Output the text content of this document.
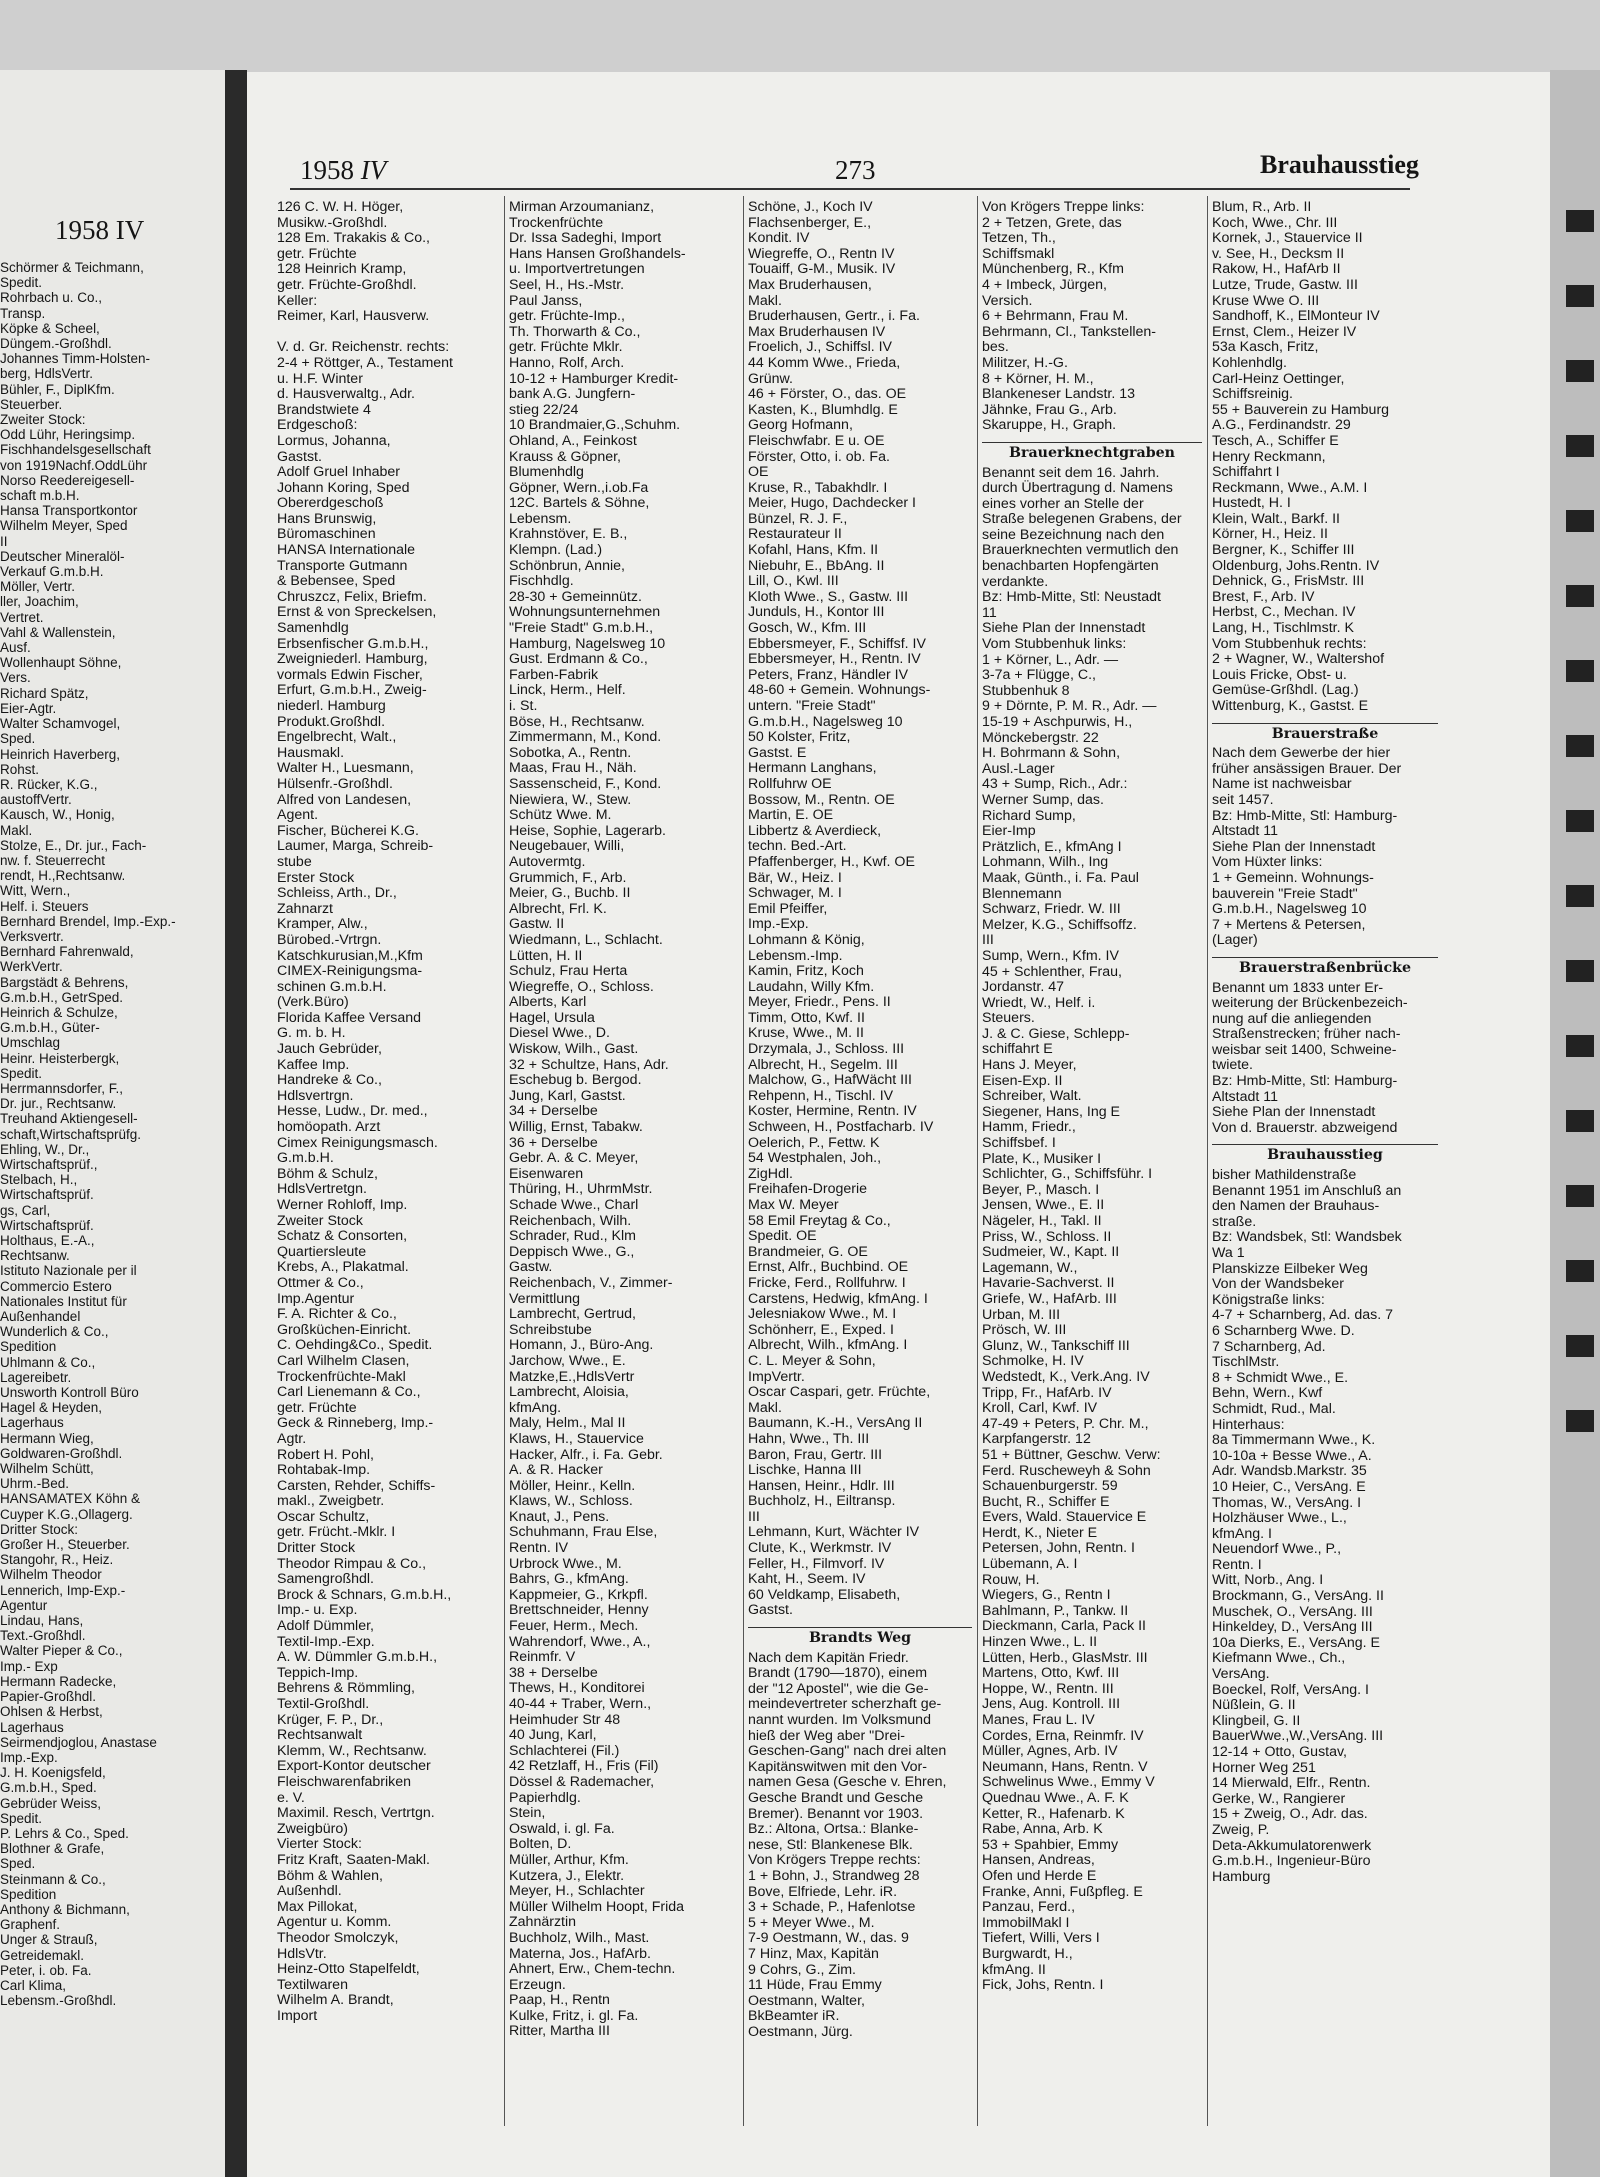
1958 IV
Schörmer & Teichmann,
Spedit.
Rohrbach u. Co.,
Transp.
Köpke & Scheel,
Düngem.-Großhdl.
Johannes Timm-Holsten-
berg, HdlsVertr.
Bühler, F., DiplKfm.
Steuerber.
Zweiter Stock:
Odd Lühr, Heringsimp.
Fischhandelsgesellschaft
von 1919Nachf.OddLühr
Norso Reedereigesell-
schaft m.b.H.
Hansa Transportkontor
Wilhelm Meyer, Sped
II
Deutscher Mineralöl-
Verkauf G.m.b.H.
Möller, Vertr.
ller, Joachim,
Vertret.
Vahl & Wallenstein,
Ausf.
Wollenhaupt Söhne,
Vers.
Richard Spätz,
Eier-Agtr.
Walter Schamvogel,
Sped.
Heinrich Haverberg,
Rohst.
R. Rücker, K.G.,
austoffVertr.
Kausch, W., Honig,
Makl.
Stolze, E., Dr. jur., Fach-
nw. f. Steuerrecht
rendt, H.,Rechtsanw.
Witt, Wern.,
Helf. i. Steuers
Bernhard Brendel, Imp.-Exp.-
Verksvertr.
Bernhard Fahrenwald,
WerkVertr.
Bargstädt & Behrens,
G.m.b.H., GetrSped.
Heinrich & Schulze,
G.m.b.H., Güter-
Umschlag
Heinr. Heisterbergk,
Spedit.
Herrmannsdorfer, F.,
Dr. jur., Rechtsanw.
Treuhand Aktiengesell-
schaft,Wirtschaftsprüfg.
Ehling, W., Dr.,
Wirtschaftsprüf.,
Stelbach, H.,
Wirtschaftsprüf.
gs, Carl,
Wirtschaftsprüf.
Holthaus, E.-A.,
Rechtsanw.
Istituto Nazionale per il
Commercio Estero
Nationales Institut für
Außenhandel
Wunderlich & Co.,
Spedition
Uhlmann & Co.,
Lagereibetr.
Unsworth Kontroll Büro
Hagel & Heyden,
Lagerhaus
Hermann Wieg,
Goldwaren-Großhdl.
Wilhelm Schütt,
Uhrm.-Bed.
HANSAMATEX Köhn &
Cuyper K.G.,Ollagerg.
Dritter Stock:
Großer H., Steuerber.
Stangohr, R., Heiz.
Wilhelm Theodor
Lennerich, Imp-Exp.-
Agentur
Lindau, Hans,
Text.-Großhdl.
Walter Pieper & Co.,
Imp.- Exp
Hermann Radecke,
Papier-Großhdl.
Ohlsen & Herbst,
Lagerhaus
Seirmendjoglou, Anastase
Imp.-Exp.
J. H. Koenigsfeld,
G.m.b.H., Sped.
Gebrüder Weiss,
Spedit.
P. Lehrs & Co., Sped.
Blothner & Grafe,
Sped.
Steinmann & Co.,
Spedition
Anthony & Bichmann,
Graphenf.
Unger & Strauß,
Getreidemakl.
Peter, i. ob. Fa.
Carl Klima,
Lebensm.-Großhdl.
1958 IV	273	Brauhausstieg
126 C. W. H. Höger,
Musikw.-Großhdl.
128 Em. Trakakis & Co.,
getr. Früchte
128 Heinrich Kramp,
getr. Früchte-Großhdl.
Keller:
Reimer, Karl, Hausverw.

V. d. Gr. Reichenstr. rechts:
2-4 + Röttger, A., Testament
u. H.F. Winter
d. Hausverwaltg., Adr.
Brandstwiete 4
Erdgeschoß:
Lormus, Johanna,
Gastst.
Adolf Gruel Inhaber
Johann Koring, Sped
Obererdgeschoß
Hans Brunswig,
Büromaschinen
HANSA Internationale
Transporte Gutmann
& Bebensee, Sped
Chruszcz, Felix, Briefm.
Ernst & von Spreckelsen,
Samenhdlg
Erbsenfischer G.m.b.H.,
Zweigniederl. Hamburg,
vormals Edwin Fischer,
Erfurt, G.m.b.H., Zweig-
niederl. Hamburg
Produkt.Großhdl.
Engelbrecht, Walt.,
Hausmakl.
Walter H., Luesmann,
Hülsenfr.-Großhdl.
Alfred von Landesen,
Agent.
Fischer, Bücherei K.G.
Laumer, Marga, Schreib-
stube
Erster Stock
Schleiss, Arth., Dr.,
Zahnarzt
Kramper, Alw.,
Bürobed.-Vrtrgn.
Katschkurusian,M.,Kfm
CIMEX-Reinigungsma-
schinen G.m.b.H.
(Verk.Büro)
Florida Kaffee Versand
G. m. b. H.
Jauch Gebrüder,
Kaffee Imp.
Handreke & Co.,
Hdlsvertrgn.
Hesse, Ludw., Dr. med.,
homöopath. Arzt
Cimex Reinigungsmasch.
G.m.b.H.
Böhm & Schulz,
HdlsVertretgn.
Werner Rohloff, Imp.
Zweiter Stock
Schatz & Consorten,
Quartiersleute
Krebs, A., Plakatmal.
Ottmer & Co.,
Imp.Agentur
F. A. Richter & Co.,
Großküchen-Einricht.
C. Oehding&Co., Spedit.
Carl Wilhelm Clasen,
Trockenfrüchte-Makl
Carl Lienemann & Co.,
getr. Früchte
Geck & Rinneberg, Imp.-
Agtr.
Robert H. Pohl,
Rohtabak-Imp.
Carsten, Rehder, Schiffs-
makl., Zweigbetr.
Oscar Schultz,
getr. Frücht.-Mklr. I
Dritter Stock
Theodor Rimpau & Co.,
Samengroßhdl.
Brock & Schnars, G.m.b.H.,
Imp.- u. Exp.
Adolf Dümmler,
Textil-Imp.-Exp.
A. W. Dümmler G.m.b.H.,
Teppich-Imp.
Behrens & Römmling,
Textil-Großhdl.
Krüger, F. P., Dr.,
Rechtsanwalt
Klemm, W., Rechtsanw.
Export-Kontor deutscher
Fleischwarenfabriken
e. V.
Maximil. Resch, Vertrtgn.
Zweigbüro)
Vierter Stock:
Fritz Kraft, Saaten-Makl.
Böhm & Wahlen,
Außenhdl.
Max Pillokat,
Agentur u. Komm.
Theodor Smolczyk,
HdlsVtr.
Heinz-Otto Stapelfeldt,
Textilwaren
Wilhelm A. Brandt,
Import
Mirman Arzoumanianz,
Trockenfrüchte
Dr. Issa Sadeghi, Import
Hans Hansen Großhandels-
u. Importvertretungen
Seel, H., Hs.-Mstr.
Paul Janss,
getr. Früchte-Imp.,
Th. Thorwarth & Co.,
getr. Früchte Mklr.
Hanno, Rolf, Arch.
10-12 + Hamburger Kredit-
bank A.G. Jungfern-
stieg 22/24
10 Brandmaier,G.,Schuhm.
Ohland, A., Feinkost
Krauss & Göpner,
Blumenhdlg
Göpner, Wern.,i.ob.Fa
12C. Bartels & Söhne,
Lebensm.
Krahnstöver, E. B.,
Klempn. (Lad.)
Schönbrun, Annie,
Fischhdlg.
28-30 + Gemeinnütz.
Wohnungsunternehmen
"Freie Stadt" G.m.b.H.,
Hamburg, Nagelsweg 10
Gust. Erdmann & Co.,
Farben-Fabrik
Linck, Herm., Helf.
i. St.
Böse, H., Rechtsanw.
Zimmermann, M., Kond.
Sobotka, A., Rentn.
Maas, Frau H., Näh.
Sassenscheid, F., Kond.
Niewiera, W., Stew.
Schütz Wwe. M.
Heise, Sophie, Lagerarb.
Neugebauer, Willi,
Autovermtg.
Grummich, F., Arb.
Meier, G., Buchb. II
Albrecht, Frl. K.
Gastw. II
Wiedmann, L., Schlacht.
Lütten, H. II
Schulz, Frau Herta
Wiegreffe, O., Schloss.
Alberts, Karl
Hagel, Ursula
Diesel Wwe., D.
Wiskow, Wilh., Gast.
32 + Schultze, Hans, Adr.
Eschebug b. Bergod.
Jung, Karl, Gastst.
34 + Derselbe
Willig, Ernst, Tabakw.
36 + Derselbe
Gebr. A. & C. Meyer,
Eisenwaren
Thüring, H., UhrmMstr.
Schade Wwe., Charl
Reichenbach, Wilh.
Schrader, Rud., Klm
Deppisch Wwe., G.,
Gastw.
Reichenbach, V., Zimmer-
Vermittlung
Lambrecht, Gertrud,
Schreibstube
Homann, J., Büro-Ang.
Jarchow, Wwe., E.
Matzke,E.,HdlsVertr
Lambrecht, Aloisia,
kfmAng.
Maly, Helm., Mal II
Klaws, H., Stauervice
Hacker, Alfr., i. Fa. Gebr.
A. & R. Hacker
Möller, Heinr., Kelln.
Klaws, W., Schloss.
Knaut, J., Pens.
Schuhmann, Frau Else,
Rentn. IV
Urbrock Wwe., M.
Bahrs, G., kfmAng.
Kappmeier, G., Krkpfl.
Brettschneider, Henny
Feuer, Herm., Mech.
Wahrendorf, Wwe., A.,
Reinmfr. V
38 + Derselbe
Thews, H., Konditorei
40-44 + Traber, Wern.,
Heimhuder Str 48
40 Jung, Karl,
Schlachterei (Fil.)
42 Retzlaff, H., Fris (Fil)
Dössel & Rademacher,
Papierhdlg.
Stein,
Oswald, i. gl. Fa.
Bolten, D.
Müller, Arthur, Kfm.
Kutzera, J., Elektr.
Meyer, H., Schlachter
Müller Wilhelm Hoopt, Frida
Zahnärztin
Buchholz, Wilh., Mast.
Materna, Jos., HafArb.
Ahnert, Erw., Chem-techn.
Erzeugn.
Paap, H., Rentn
Kulke, Fritz, i. gl. Fa.
Ritter, Martha III
Schöne, J., Koch IV
Flachsenberger, E.,
Kondit. IV
Wiegreffe, O., Rentn IV
Touaiff, G-M., Musik. IV
Max Bruderhausen,
Makl.
Bruderhausen, Gertr., i. Fa.
Max Bruderhausen IV
Froelich, J., Schiffsl. IV
44 Komm Wwe., Frieda,
Grünw.
46 + Förster, O., das. OE
Kasten, K., Blumhdlg. E
Georg Hofmann,
Fleischwfabr. E u. OE
Förster, Otto, i. ob. Fa.
OE
Kruse, R., Tabakhdlr. I
Meier, Hugo, Dachdecker I
Bünzel, R. J. F.,
Restaurateur II
Kofahl, Hans, Kfm. II
Niebuhr, E., BbAng. II
Lill, O., Kwl. III
Kloth Wwe., S., Gastw. III
Junduls, H., Kontor III
Gosch, W., Kfm. III
Ebbersmeyer, F., Schiffsf. IV
Ebbersmeyer, H., Rentn. IV
Peters, Franz, Händler IV
48-60 + Gemein. Wohnungs-
untern. "Freie Stadt"
G.m.b.H., Nagelsweg 10
50 Kolster, Fritz,
Gastst. E
Hermann Langhans,
Rollfuhrw OE
Bossow, M., Rentn. OE
Martin, E. OE
Libbertz & Averdieck,
techn. Bed.-Art.
Pfaffenberger, H., Kwf. OE
Bär, W., Heiz. I
Schwager, M. I
Emil Pfeiffer,
Imp.-Exp.
Lohmann & König,
Lebensm.-Imp.
Kamin, Fritz, Koch
Laudahn, Willy Kfm.
Meyer, Friedr., Pens. II
Timm, Otto, Kwf. II
Kruse, Wwe., M. II
Drzymala, J., Schloss. III
Albrecht, H., Segelm. III
Malchow, G., HafWächt III
Rehpenn, H., Tischl. IV
Koster, Hermine, Rentn. IV
Schween, H., Postfacharb. IV
Oelerich, P., Fettw. K
54 Westphalen, Joh.,
ZigHdl.
Freihafen-Drogerie
Max W. Meyer
58 Emil Freytag & Co.,
Spedit. OE
Brandmeier, G. OE
Ernst, Alfr., Buchbind. OE
Fricke, Ferd., Rollfuhrw. I
Carstens, Hedwig, kfmAng. I
Jelesniakow Wwe., M. I
Schönherr, E., Exped. I
Albrecht, Wilh., kfmAng. I
C. L. Meyer & Sohn,
ImpVertr.
Oscar Caspari, getr. Früchte,
Makl.
Baumann, K.-H., VersAng II
Hahn, Wwe., Th. III
Baron, Frau, Gertr. III
Lischke, Hanna III
Hansen, Heinr., Hdlr. III
Buchholz, H., Eiltransp.
III
Lehmann, Kurt, Wächter IV
Clute, K., Werkmstr. IV
Feller, H., Filmvorf. IV
Kaht, H., Seem. IV
60 Veldkamp, Elisabeth,
Gastst.
Brandts Weg
Nach dem Kapitän Friedr.
Brandt (1790—1870), einem
der "12 Apostel", wie die Ge-
meindevertreter scherzhaft ge-
nannt wurden. Im Volksmund
hieß der Weg aber "Drei-
Geschen-Gang" nach drei alten
Kapitänswitwen mit den Vor-
namen Gesa (Gesche v. Ehren,
Gesche Brandt und Gesche
Bremer). Benannt vor 1903.
Bz.: Altona, Ortsa.: Blanke-
nese, Stl: Blankenese Blk.
Von Krögers Treppe rechts:
1 + Bohn, J., Strandweg 28
Bove, Elfriede, Lehr. iR.
3 + Schade, P., Hafenlotse
5 + Meyer Wwe., M.
7-9 Oestmann, W., das. 9
7 Hinz, Max, Kapitän
9 Cohrs, G., Zim.
11 Hüde, Frau Emmy
Oestmann, Walter,
BkBeamter iR.
Oestmann, Jürg.
Von Krögers Treppe links:
2 + Tetzen, Grete, das
Tetzen, Th.,
Schiffsmakl
Münchenberg, R., Kfm
4 + Imbeck, Jürgen,
Versich.
6 + Behrmann, Frau M.
Behrmann, Cl., Tankstellen-
bes.
Militzer, H.-G.
8 + Körner, H. M.,
Blankeneser Landstr. 13
Jähnke, Frau G., Arb.
Skaruppe, H., Graph.
Brauerknechtgraben
Benannt seit dem 16. Jahrh.
durch Übertragung d. Namens
eines vorher an Stelle der
Straße belegenen Grabens, der
seine Bezeichnung nach den
Brauerknechten vermutlich den
benachbarten Hopfengärten
verdankte.
Bz: Hmb-Mitte, Stl: Neustadt
11
Siehe Plan der Innenstadt
Vom Stubbenhuk links:
1 + Körner, L., Adr. —
3-7a + Flügge, C.,
Stubbenhuk 8
9 + Dörnte, P. M. R., Adr. —
15-19 + Aschpurwis, H.,
Mönckebergstr. 22
H. Bohrmann & Sohn,
Ausl.-Lager
43 + Sump, Rich., Adr.:
Werner Sump, das.
Richard Sump,
Eier-Imp
Prätzlich, E., kfmAng I
Lohmann, Wilh., Ing
Maak, Günth., i. Fa. Paul
Blennemann
Schwarz, Friedr. W. III
Melzer, K.G., Schiffsoffz.
III
Sump, Wern., Kfm. IV
45 + Schlenther, Frau,
Jordanstr. 47
Wriedt, W., Helf. i.
Steuers.
J. & C. Giese, Schlepp-
schiffahrt E
Hans J. Meyer,
Eisen-Exp. II
Schreiber, Walt.
Siegener, Hans, Ing E
Hamm, Friedr.,
Schiffsbef. I
Plate, K., Musiker I
Schlichter, G., Schiffsführ. I
Beyer, P., Masch. I
Jensen, Wwe., E. II
Nägeler, H., Takl. II
Priss, W., Schloss. II
Sudmeier, W., Kapt. II
Lagemann, W.,
Havarie-Sachverst. II
Griefe, W., HafArb. III
Urban, M. III
Prösch, W. III
Glunz, W., Tankschiff III
Schmolke, H. IV
Wedstedt, K., Verk.Ang. IV
Tripp, Fr., HafArb. IV
Kroll, Carl, Kwf. IV
47-49 + Peters, P. Chr. M.,
Karpfangerstr. 12
51 + Büttner, Geschw. Verw:
Ferd. Ruscheweyh & Sohn
Schauenburgerstr. 59
Bucht, R., Schiffer E
Evers, Wald. Stauervice E
Herdt, K., Nieter E
Petersen, John, Rentn. I
Lübemann, A. I
Rouw, H.
Wiegers, G., Rentn I
Bahlmann, P., Tankw. II
Dieckmann, Carla, Pack II
Hinzen Wwe., L. II
Lütten, Herb., GlasMstr. III
Martens, Otto, Kwf. III
Hoppe, W., Rentn. III
Jens, Aug. Kontroll. III
Manes, Frau L. IV
Cordes, Erna, Reinmfr. IV
Müller, Agnes, Arb. IV
Neumann, Hans, Rentn. V
Schwelinus Wwe., Emmy V
Quednau Wwe., A. F. K
Ketter, R., Hafenarb. K
Rabe, Anna, Arb. K
53 + Spahbier, Emmy
Hansen, Andreas,
Ofen und Herde E
Franke, Anni, Fußpfleg. E
Panzau, Ferd.,
ImmobilMakl I
Tiefert, Willi, Vers I
Burgwardt, H.,
kfmAng. II
Fick, Johs, Rentn. I
Blum, R., Arb. II
Koch, Wwe., Chr. III
Kornek, J., Stauervice II
v. See, H., Decksm II
Rakow, H., HafArb II
Lutze, Trude, Gastw. III
Kruse Wwe O. III
Sandhoff, K., ElMonteur IV
Ernst, Clem., Heizer IV
53a Kasch, Fritz,
Kohlenhdlg.
Carl-Heinz Oettinger,
Schiffsreinig.
55 + Bauverein zu Hamburg
A.G., Ferdinandstr. 29
Tesch, A., Schiffer E
Henry Reckmann,
Schiffahrt I
Reckmann, Wwe., A.M. I
Hustedt, H. I
Klein, Walt., Barkf. II
Körner, H., Heiz. II
Bergner, K., Schiffer III
Oldenburg, Johs.Rentn. IV
Dehnick, G., FrisMstr. III
Brest, F., Arb. IV
Herbst, C., Mechan. IV
Lang, H., Tischlmstr. K
Vom Stubbenhuk rechts:
2 + Wagner, W., Waltershof
Louis Fricke, Obst- u.
Gemüse-Grßhdl. (Lag.)
Wittenburg, K., Gastst. E
Brauerstraße
Nach dem Gewerbe der hier
früher ansässigen Brauer. Der
Name ist nachweisbar
seit 1457.
Bz: Hmb-Mitte, Stl: Hamburg-
Altstadt 11
Siehe Plan der Innenstadt
Vom Hüxter links:
1 + Gemeinn. Wohnungs-
bauverein "Freie Stadt"
G.m.b.H., Nagelsweg 10
7 + Mertens & Petersen,
(Lager)
Brauerstraßenbrücke
Benannt um 1833 unter Er-
weiterung der Brückenbezeich-
nung auf die anliegenden
Straßenstrecken; früher nach-
weisbar seit 1400, Schweine-
twiete.
Bz: Hmb-Mitte, Stl: Hamburg-
Altstadt 11
Siehe Plan der Innenstadt
Von d. Brauerstr. abzweigend
Brauhausstieg
bisher Mathildenstraße
Benannt 1951 im Anschluß an
den Namen der Brauhaus-
straße.
Bz: Wandsbek, Stl: Wandsbek
Wa 1
Planskizze Eilbeker Weg
Von der Wandsbeker
Königstraße links:
4-7 + Scharnberg, Ad. das. 7
6 Scharnberg Wwe. D.
7 Scharnberg, Ad.
TischlMstr.
8 + Schmidt Wwe., E.
Behn, Wern., Kwf
Schmidt, Rud., Mal.
Hinterhaus:
8a Timmermann Wwe., K.
10-10a + Besse Wwe., A.
Adr. Wandsb.Markstr. 35
10 Heier, C., VersAng. E
Thomas, W., VersAng. I
Holzhäuser Wwe., L.,
kfmAng. I
Neuendorf Wwe., P.,
Rentn. I
Witt, Norb., Ang. I
Brockmann, G., VersAng. II
Muschek, O., VersAng. III
Hinkeldey, D., VersAng III
10a Dierks, E., VersAng. E
Kiefmann Wwe., Ch.,
VersAng.
Boeckel, Rolf, VersAng. I
Nüßlein, G. II
Klingbeil, G. II
BauerWwe.,W.,VersAng. III
12-14 + Otto, Gustav,
Horner Weg 251
14 Mierwald, Elfr., Rentn.
Gerke, W., Rangierer
15 + Zweig, O., Adr. das.
Zweig, P.
Deta-Akkumulatorenwerk
G.m.b.H., Ingenieur-Büro
Hamburg
